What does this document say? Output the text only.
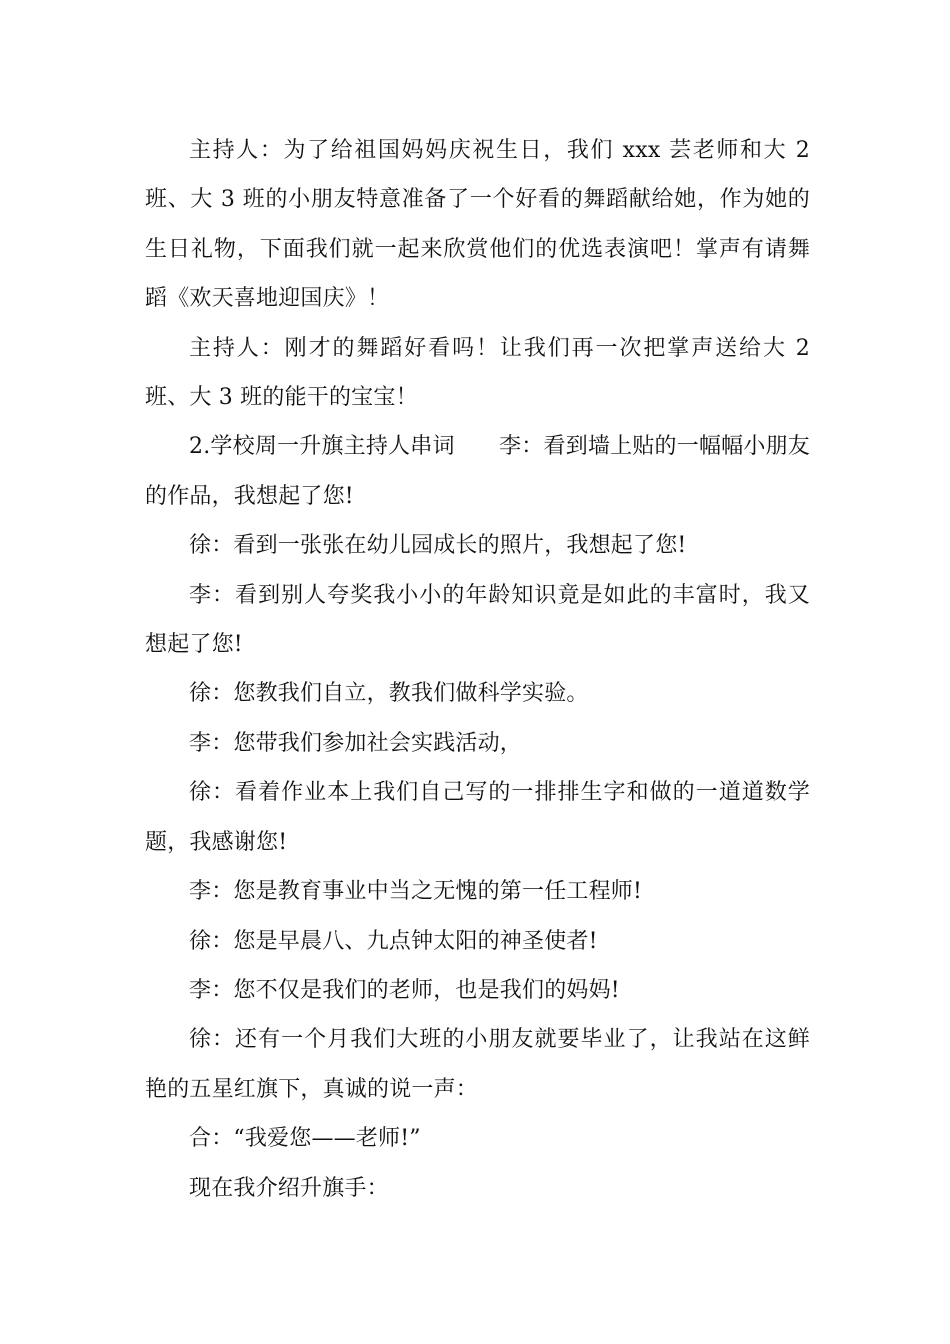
主持人：为了给祖国妈妈庆祝生日，我们 xxx 芸老师和大 2 班、大 3 班的小朋友特意准备了一个好看的舞蹈献给她，作为她的生日礼物，下面我们就一起来欣赏他们的优选表演吧！掌声有请舞蹈《欢天喜地迎国庆》！

主持人：刚才的舞蹈好看吗！让我们再一次把掌声送给大 2 班、大 3 班的能干的宝宝！

2.学校周一升旗主持人串词　　李：看到墙上贴的一幅幅小朋友的作品，我想起了您!

徐：看到一张张在幼儿园成长的照片，我想起了您!

李：看到别人夸奖我小小的年龄知识竟是如此的丰富时，我又想起了您!

徐：您教我们自立，教我们做科学实验。

李：您带我们参加社会实践活动，

徐：看着作业本上我们自己写的一排排生字和做的一道道数学题，我感谢您!

李：您是教育事业中当之无愧的第一任工程师!

徐：您是早晨八、九点钟太阳的神圣使者!

李：您不仅是我们的老师，也是我们的妈妈!

徐：还有一个月我们大班的小朋友就要毕业了，让我站在这鲜艳的五星红旗下，真诚的说一声：

合：“我爱您——老师!”

现在我介绍升旗手：
